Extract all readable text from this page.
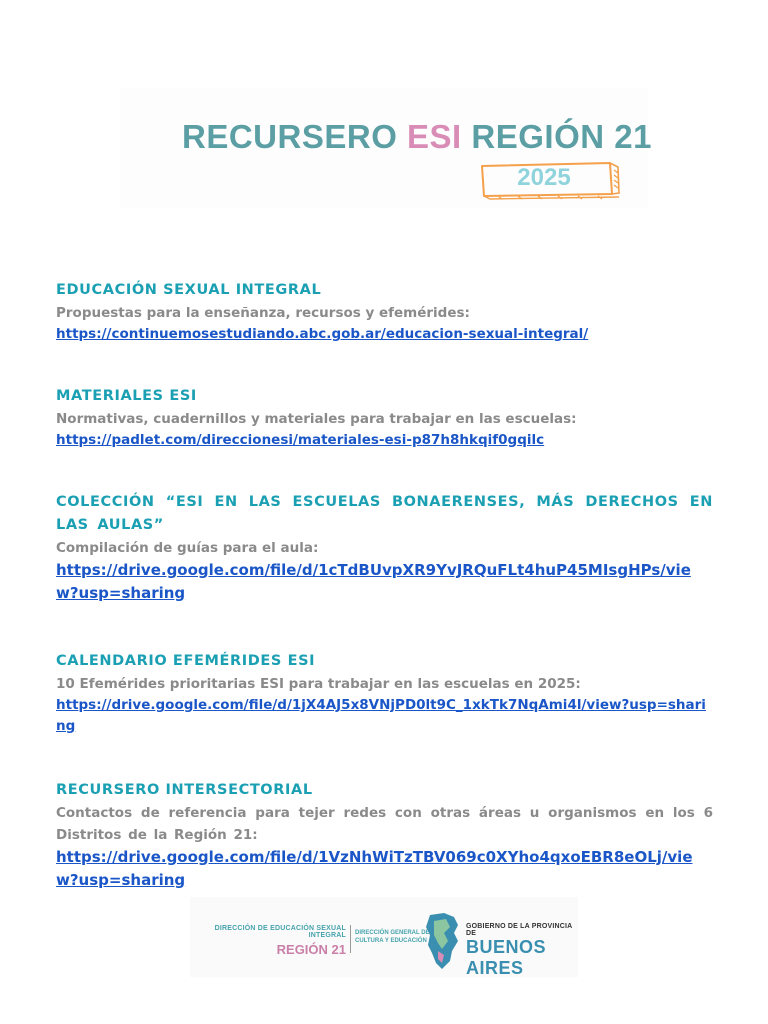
RECURSERO ESI REGIÓN 21
2025
EDUCACIÓN SEXUAL INTEGRAL
Propuestas para la enseñanza, recursos y efemérides:
https://continuemosestudiando.abc.gob.ar/educacion-sexual-integral/
MATERIALES ESI
Normativas, cuadernillos y materiales para trabajar en las escuelas:
https://padlet.com/direccionesi/materiales-esi-p87h8hkqif0gqilc
COLECCIÓN “ESI EN LAS ESCUELAS BONAERENSES, MÁS DERECHOS EN LAS AULAS”
Compilación de guías para el aula:
https://drive.google.com/file/d/1cTdBUvpXR9YvJRQuFLt4huP45MIsgHPs/view?usp=sharing
CALENDARIO EFEMÉRIDES ESI
10 Efemérides prioritarias ESI para trabajar en las escuelas en 2025:
https://drive.google.com/file/d/1jX4AJ5x8VNjPD0lt9C_1xkTk7NqAmi4l/view?usp=sharing
RECURSERO INTERSECTORIAL
Contactos de referencia para tejer redes con otras áreas u organismos en los 6 Distritos de la Región 21:
https://drive.google.com/file/d/1VzNhWiTzTBV069c0XYho4qxoEBR8eOLj/view?usp=sharing
DIRECCIÓN DE EDUCACIÓN SEXUAL INTEGRAL
REGIÓN 21
DIRECCIÓN GENERAL DE
CULTURA Y EDUCACIÓN
GOBIERNO DE LA PROVINCIA DE
BUENOS AIRES
